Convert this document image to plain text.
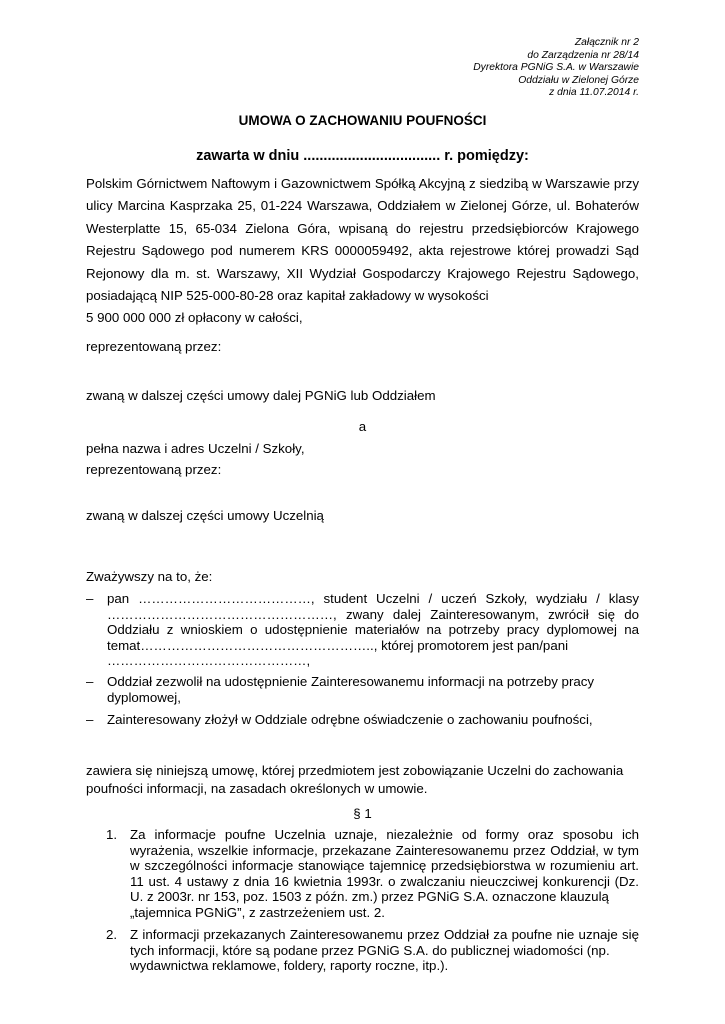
Załącznik nr 2
do Zarządzenia nr 28/14
Dyrektora PGNiG S.A. w Warszawie
Oddziału w Zielonej Górze
z dnia 11.07.2014 r.
UMOWA O ZACHOWANIU POUFNOŚCI
zawarta w dniu .................................. r. pomiędzy:
Polskim Górnictwem Naftowym i Gazownictwem Spółką Akcyjną z siedzibą w Warszawie przy ulicy Marcina Kasprzaka 25, 01-224 Warszawa, Oddziałem w Zielonej Górze, ul. Bohaterów Westerplatte 15, 65-034 Zielona Góra, wpisaną do rejestru przedsiębiorców Krajowego Rejestru Sądowego pod numerem KRS 0000059492, akta rejestrowe której prowadzi Sąd Rejonowy dla m. st. Warszawy, XII Wydział Gospodarczy Krajowego Rejestru Sądowego, posiadającą NIP 525-000-80-28 oraz kapitał zakładowy w wysokości
5 900 000 000 zł opłacony w całości,
reprezentowaną przez:
zwaną w dalszej części umowy dalej PGNiG lub Oddziałem
a
pełna nazwa i adres Uczelni / Szkoły,
reprezentowaną przez:
zwaną w dalszej części umowy Uczelnią
Zważywszy na to, że:
– pan …………………………………, student Uczelni / uczeń Szkoły, wydziału / klasy ……………………………………………, zwany dalej Zainteresowanym, zwrócił się do Oddziału z wnioskiem o udostępnienie materiałów na potrzeby pracy dyplomowej na temat…………………………………………….., której promotorem jest pan/pani
………………………………………,
– Oddział zezwolił na udostępnienie Zainteresowanemu informacji na potrzeby pracy
dyplomowej,
– Zainteresowany złożył w Oddziale odrębne oświadczenie o zachowaniu poufności,
zawiera się niniejszą umowę, której przedmiotem jest zobowiązanie Uczelni do zachowania
poufności informacji, na zasadach określonych w umowie.
§ 1
1. Za informacje poufne Uczelnia uznaje, niezależnie od formy oraz sposobu ich wyrażenia, wszelkie informacje, przekazane Zainteresowanemu przez Oddział, w tym w szczególności informacje stanowiące tajemnicę przedsiębiorstwa w rozumieniu art. 11 ust. 4 ustawy z dnia 16 kwietnia 1993r. o zwalczaniu nieuczciwej konkurencji (Dz. U. z 2003r. nr 153, poz. 1503 z późn. zm.) przez PGNiG S.A. oznaczone klauzulą
„tajemnica PGNiG”, z zastrzeżeniem ust. 2.
2. Z informacji przekazanych Zainteresowanemu przez Oddział za poufne nie uznaje się tych informacji, które są podane przez PGNiG S.A. do publicznej wiadomości (np.
wydawnictwa reklamowe, foldery, raporty roczne, itp.).
